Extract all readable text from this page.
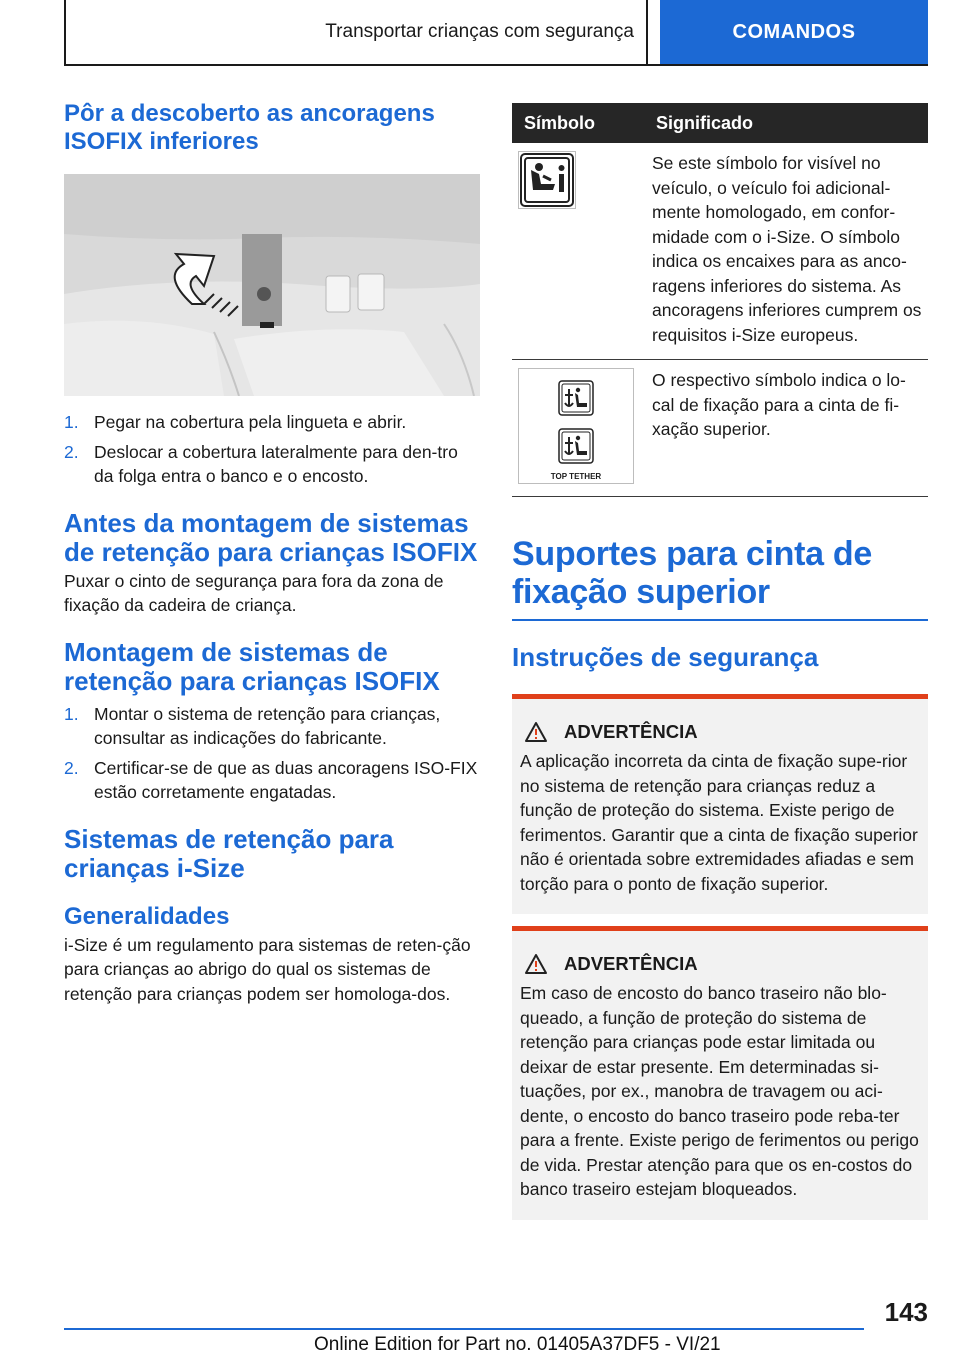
Transportar crianças com segurança	COMANDOS
Pôr a descoberto as ancoragens ISOFIX inferiores
1. Pegar na cobertura pela lingueta e abrir.
2. Deslocar a cobertura lateralmente para den-tro da folga entra o banco e o encosto.
Antes da montagem de sistemas de retenção para crianças ISOFIX

Puxar o cinto de segurança para fora da zona de fixação da cadeira de criança.

Montagem de sistemas de retenção para crianças ISOFIX
1. Montar o sistema de retenção para crianças, consultar as indicações do fabricante.
2. Certificar-se de que as duas ancoragens ISO-FIX estão corretamente engatadas.
Sistemas de retenção para crianças i-Size
Generalidades

i-Size é um regulamento para sistemas de reten-ção para crianças ao abrigo do qual os sistemas de retenção para crianças podem ser homologa-dos.

Símbolo	Significado
	Se este símbolo for visível no veículo, o veículo foi adicional-mente homologado, em confor-midade com o i-Size. O símbolo indica os encaixes para as anco-ragens inferiores do sistema. As ancoragens inferiores cumprem os requisitos i-Size europeus.

TOP TETHER	O respectivo símbolo indica o lo-cal de fixação para a cinta de fi-xação superior.
Suportes para cinta de fixação superior
Instruções de segurança
ADVERTÊNCIA

A aplicação incorreta da cinta de fixação supe-rior no sistema de retenção para crianças reduz a função de proteção do sistema. Existe perigo de ferimentos. Garantir que a cinta de fixação superior não é orientada sobre extremidades afiadas e sem torção para o ponto de fixação superior.

ADVERTÊNCIA

Em caso de encosto do banco traseiro não blo-queado, a função de proteção do sistema de retenção para crianças pode estar limitada ou deixar de estar presente. Em determinadas si-tuações, por ex., manobra de travagem ou aci-dente, o encosto do banco traseiro pode reba-ter para a frente. Existe perigo de ferimentos ou perigo de vida. Prestar atenção para que os en-costos do banco traseiro estejam bloqueados.

143
Online Edition for Part no. 01405A37DF5 - VI/21
